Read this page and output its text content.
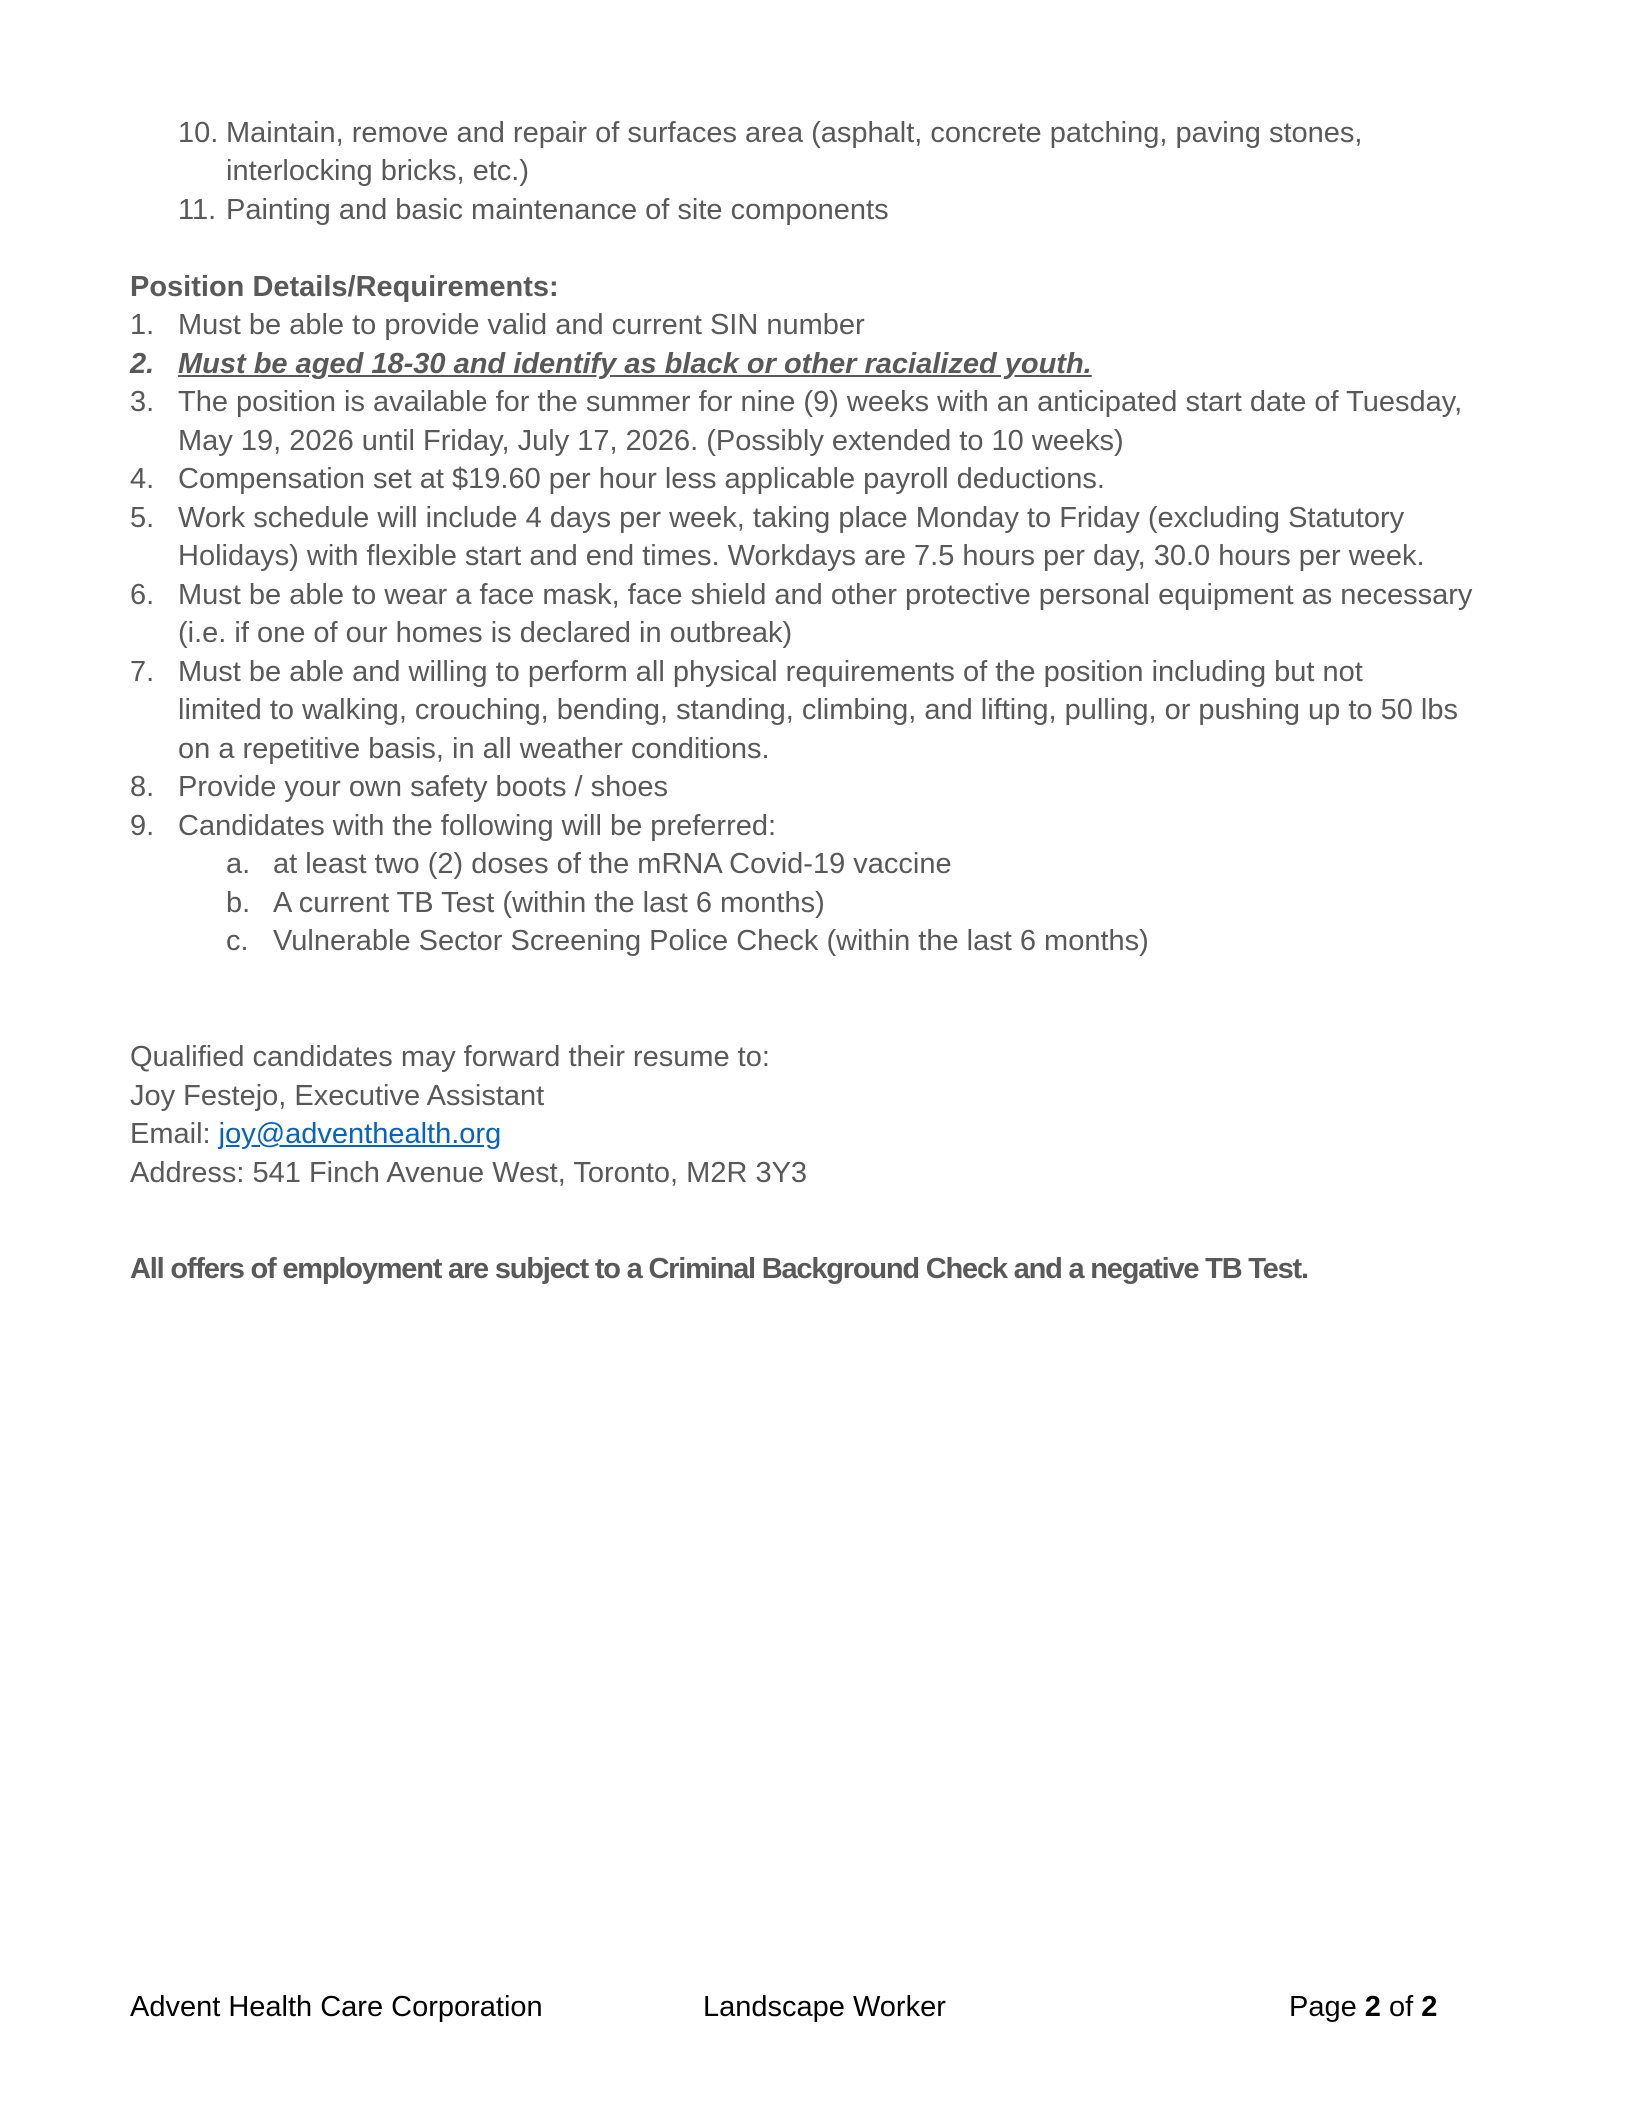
10. Maintain, remove and repair of surfaces area (asphalt, concrete patching, paving stones,
interlocking bricks, etc.)
11. Painting and basic maintenance of site components
Position Details/Requirements:
1. Must be able to provide valid and current SIN number
2. Must be aged 18-30 and identify as black or other racialized youth.
3. The position is available for the summer for nine (9) weeks with an anticipated start date of Tuesday,
May 19, 2026 until Friday, July 17, 2026. (Possibly extended to 10 weeks)
4. Compensation set at $19.60 per hour less applicable payroll deductions.
5. Work schedule will include 4 days per week, taking place Monday to Friday (excluding Statutory
Holidays) with flexible start and end times. Workdays are 7.5 hours per day, 30.0 hours per week.
6. Must be able to wear a face mask, face shield and other protective personal equipment as necessary
(i.e. if one of our homes is declared in outbreak)
7. Must be able and willing to perform all physical requirements of the position including but not
limited to walking, crouching, bending, standing, climbing, and lifting, pulling, or pushing up to 50 lbs
on a repetitive basis, in all weather conditions.
8. Provide your own safety boots / shoes
9. Candidates with the following will be preferred:
a. at least two (2) doses of the mRNA Covid-19 vaccine
b. A current TB Test (within the last 6 months)
c. Vulnerable Sector Screening Police Check (within the last 6 months)
Qualified candidates may forward their resume to:
Joy Festejo, Executive Assistant
Email: joy@adventhealth.org
Address: 541 Finch Avenue West, Toronto, M2R 3Y3
All offers of employment are subject to a Criminal Background Check and a negative TB Test.
Advent Health Care Corporation	Landscape Worker	Page 2 of 2
